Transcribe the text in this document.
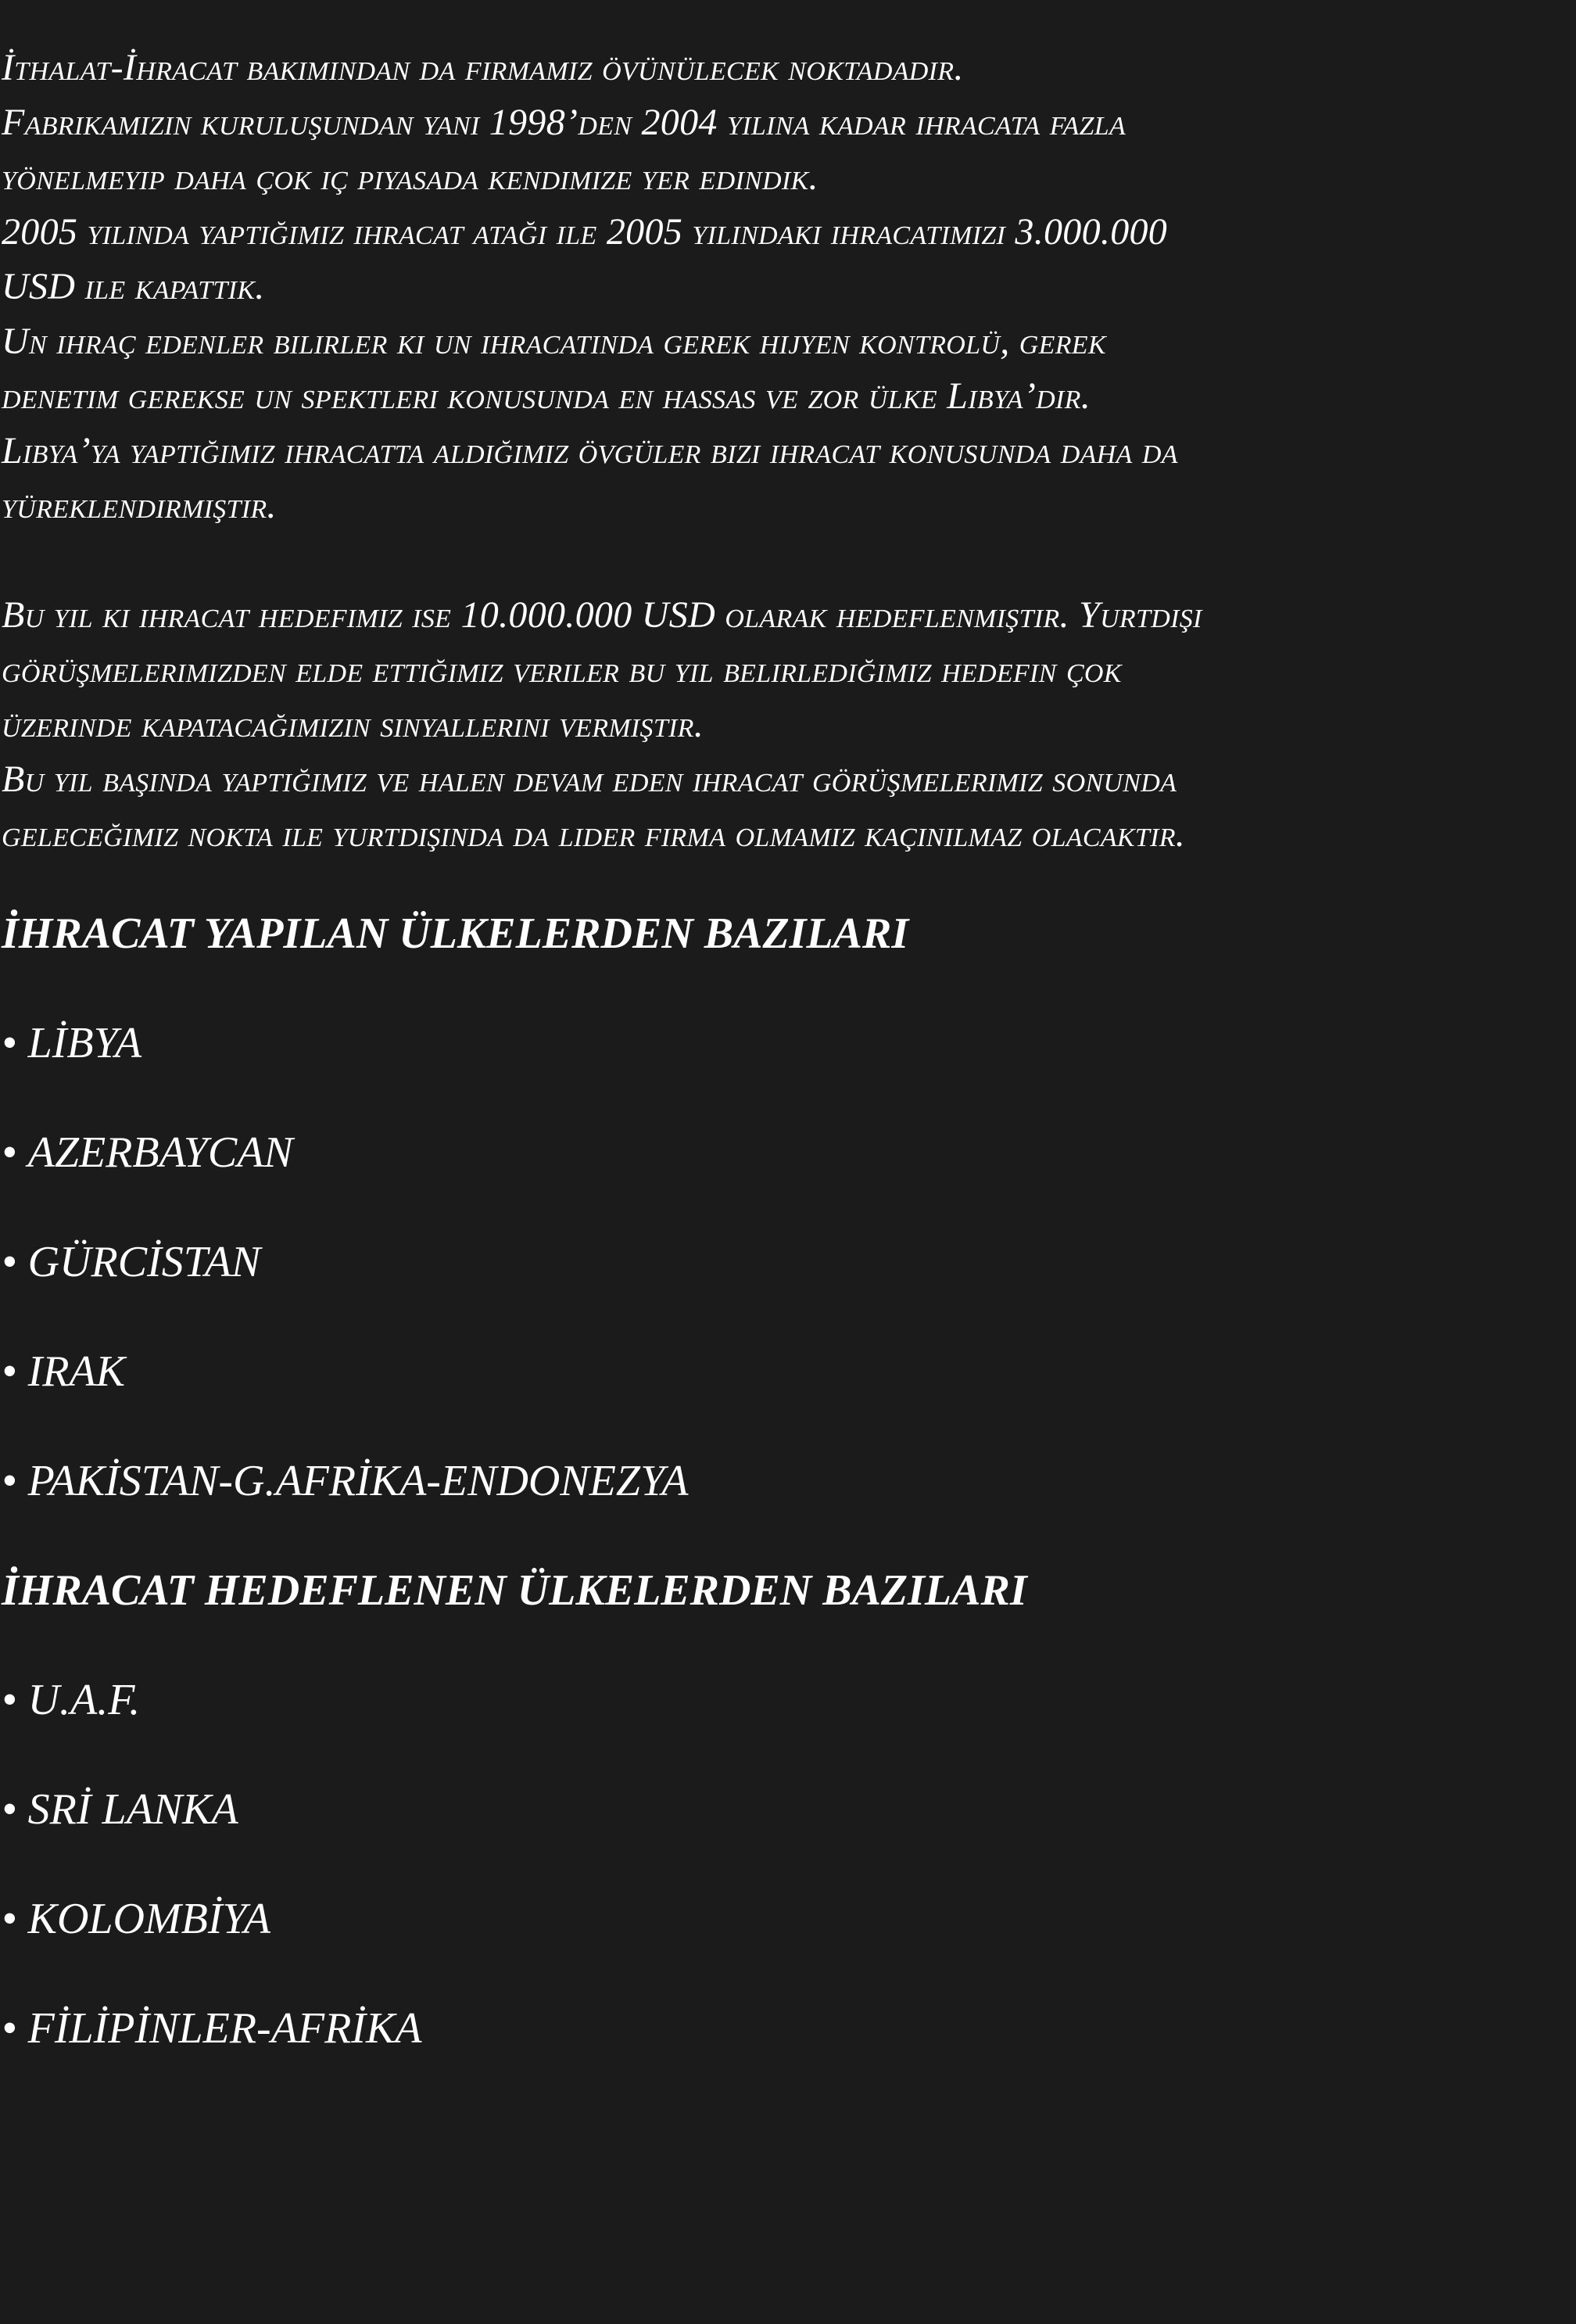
İthalat-İhracat bakımından da firmamız övünülecek noktadadır.
Fabrikamızın kuruluşundan yani 1998’den 2004 yılına kadar ihracata fazla
yönelmeyip daha çok iç piyasada kendimize yer edindik.
2005 yılında yaptığımız ihracat atağı ile 2005 yılındaki ihracatımızı 3.000.000
USD ile kapattık.
Un ihraç edenler bilirler ki un ihracatında gerek hijyen kontrolü, gerek
denetim gerekse un spektleri konusunda en hassas ve zor ülke Libya’dır.
Libya’ya yaptığımız ihracatta aldığımız övgüler bizi ihracat konusunda daha da
yüreklendirmiştir.
Bu yıl ki ihracat hedefimiz ise 10.000.000 USD olarak hedeflenmiştir. Yurtdışı
görüşmelerimizden elde ettiğimiz veriler bu yıl belirlediğimiz hedefin çok
üzerinde kapatacağımızın sinyallerini vermiştir.
Bu yıl başında yaptığımız ve halen devam eden ihracat görüşmelerimiz sonunda
geleceğimiz nokta ile yurtdışında da lider firma olmamız kaçınılmaz olacaktır.
İHRACAT YAPILAN ÜLKELERDEN BAZILARI
• LİBYA
• AZERBAYCAN
• GÜRCİSTAN
• IRAK
• PAKİSTAN-G.AFRİKA-ENDONEZYA
İHRACAT HEDEFLENEN ÜLKELERDEN BAZILARI
• U.A.F.
• SRİ LANKA
• KOLOMBİYA
• FİLİPİNLER-AFRİKA
